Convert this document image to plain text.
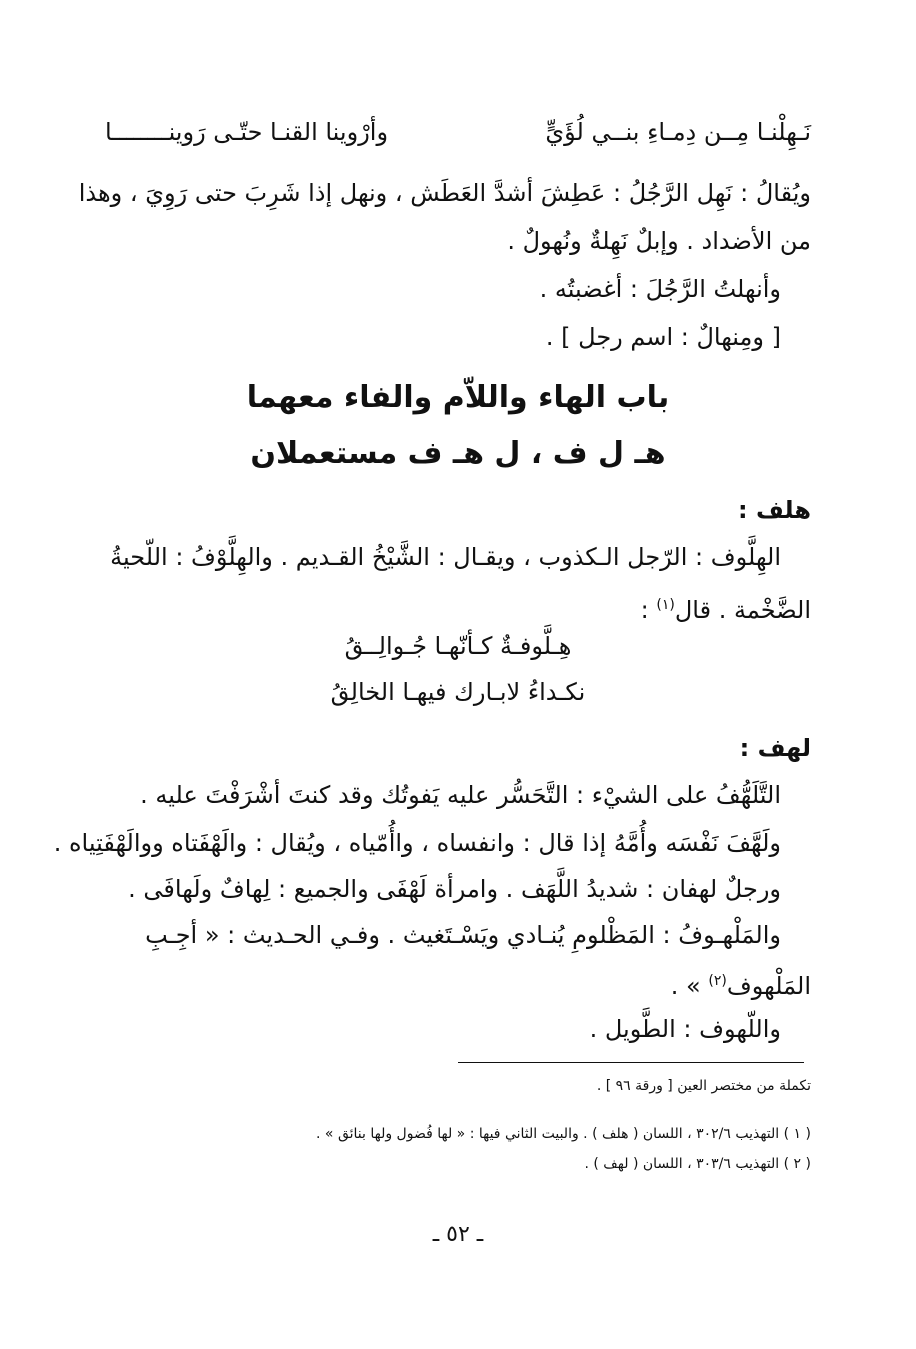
نَـهِلْنـا مِــن دِمـاءِ بنــي لُؤَيٍّ
وأرْوينا القنـا حتّـى رَوينــــــــا
ويُقالُ : نَهِل الرَّجُلُ : عَطِشَ أشدَّ العَطَش ، ونهل إذا شَرِبَ حتى رَوِيَ ، وهذا
من الأضداد . وإبلٌ نَهِلةٌ ونُهولٌ .
وأنهلتُ الرَّجُلَ : أغضبتُه .
[ ومِنهالٌ : اسم رجل ] .
باب الهاء واللاّم والفاء معهما
هـ ل ف ، ل هـ ف مستعملان
هلف :
الهِلَّوف : الرّجل الـكذوب ، ويقـال : الشَّيْخُ القـديم . والهِلَّوْفُ : اللّحيةُ
الضَّخْمة . قال$^{(١)}$ :
هِـلَّوفـةٌ كـأنّهـا جُـوالِــقُ
نكـداءُ لابـارك فيهـا الخالِقُ
لهف :
التَّلَهُّفُ على الشيْء : التَّحَسُّر عليه يَفوتُك وقد كنتَ أشْرَفْتَ عليه .
ولَهَّفَ نَفْسَه وأُمَّهُ إذا قال : وانفساه ، واأُمّياه ، ويُقال : والَهْفَتاه ووالَهْفَتِياه .
ورجلٌ لهفان : شديدُ اللَّهَف . وامرأة لَهْفَى والجميع : لِهافٌ ولَهافَى .
والمَلْهـوفُ : المَظْلومِ يُنـادي ويَسْـتَغيث . وفـي الحـديث : « أجِـبِ
المَلْهوف$^{(٢)}$ » .
واللّهوف : الطَّويل .
تكملة من مختصر العين [ ورقة ٩٦ ] .
( ١ ) التهذيب ٣٠٢/٦ ، اللسان ( هلف ) . والبيت الثاني فيها : « لها فُضول ولها بنائق » .
( ٢ ) التهذيب ٣٠٣/٦ ، اللسان ( لهف ) .
ـ ٥٢ ـ
